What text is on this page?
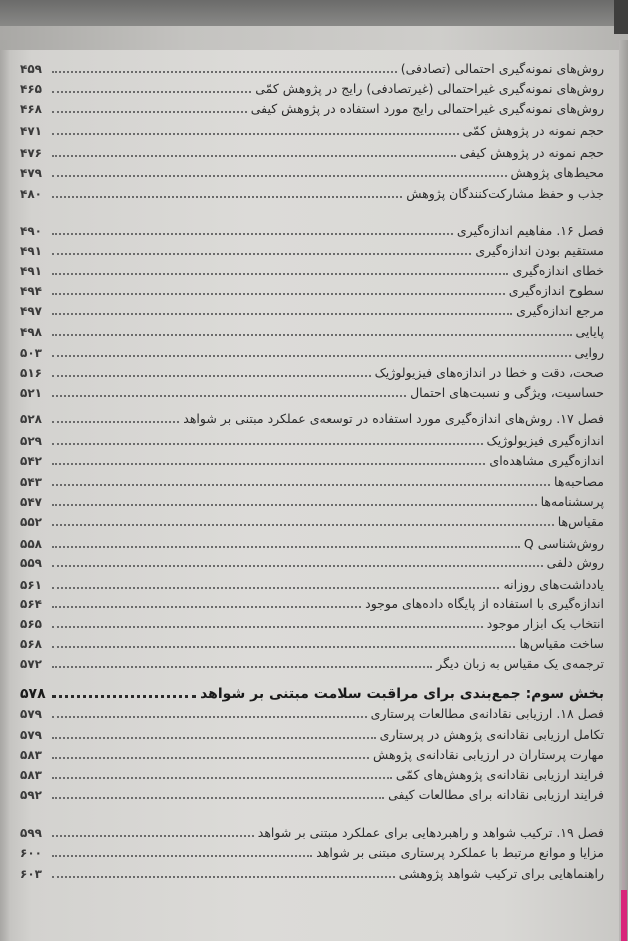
روش‌های نمونه‌گیری احتمالی (تصادفی)
۴۵۹
روش‌های نمونه‌گیری غیراحتمالی (غیرتصادفی) رایج در پژوهش کمّی
۴۶۵
روش‌های نمونه‌گیری غیراحتمالی رایج مورد استفاده در پژوهش کیفی
۴۶۸
حجم نمونه در پژوهش کمّی
۴۷۱
حجم نمونه در پژوهش کیفی
۴۷۶
محیط‌های پژوهش
۴۷۹
جذب و حفظ مشارکت‌کنندگان پژوهش
۴۸۰
فصل ۱۶. مفاهیم اندازه‌گیری
۴۹۰
مستقیم بودن اندازه‌گیری
۴۹۱
خطای اندازه‌گیری
۴۹۱
سطوح اندازه‌گیری
۴۹۴
مرجع اندازه‌گیری
۴۹۷
پایایی
۴۹۸
روایی
۵۰۳
صحت، دقت و خطا در اندازه‌های فیزیولوژیک
۵۱۶
حساسیت، ویژگی و نسبت‌های احتمال
۵۲۱
فصل ۱۷. روش‌های اندازه‌گیری مورد استفاده در توسعه‌ی عملکرد مبتنی بر شواهد
۵۲۸
اندازه‌گیری فیزیولوژیک
۵۲۹
اندازه‌گیری مشاهده‌ای
۵۴۲
مصاحبه‌ها
۵۴۳
پرسشنامه‌ها
۵۴۷
مقیاس‌ها
۵۵۲
روش‌شناسی Q
۵۵۸
روش دلفی
۵۵۹
یادداشت‌های روزانه
۵۶۱
اندازه‌گیری با استفاده از پایگاه داده‌های موجود
۵۶۴
انتخاب یک ابزار موجود
۵۶۵
ساخت مقیاس‌ها
۵۶۸
ترجمه‌ی یک مقیاس به زبان دیگر
۵۷۲
بخش سوم: جمع‌بندی برای مراقبت سلامت مبتنی بر شواهد
۵۷۸
فصل ۱۸. ارزیابی نقادانه‌ی مطالعات پرستاری
۵۷۹
تکامل ارزیابی نقادانه‌ی پژوهش در پرستاری
۵۷۹
مهارت پرستاران در ارزیابی نقادانه‌ی پژوهش
۵۸۳
فرایند ارزیابی نقادانه‌ی پژوهش‌های کمّی
۵۸۳
فرایند ارزیابی نقادانه برای مطالعات کیفی
۵۹۲
فصل ۱۹. ترکیب شواهد و راهبردهایی برای عملکرد مبتنی بر شواهد
۵۹۹
مزایا و موانع مرتبط با عملکرد پرستاری مبتنی بر شواهد
۶۰۰
راهنماهایی برای ترکیب شواهد پژوهشی
۶۰۳
